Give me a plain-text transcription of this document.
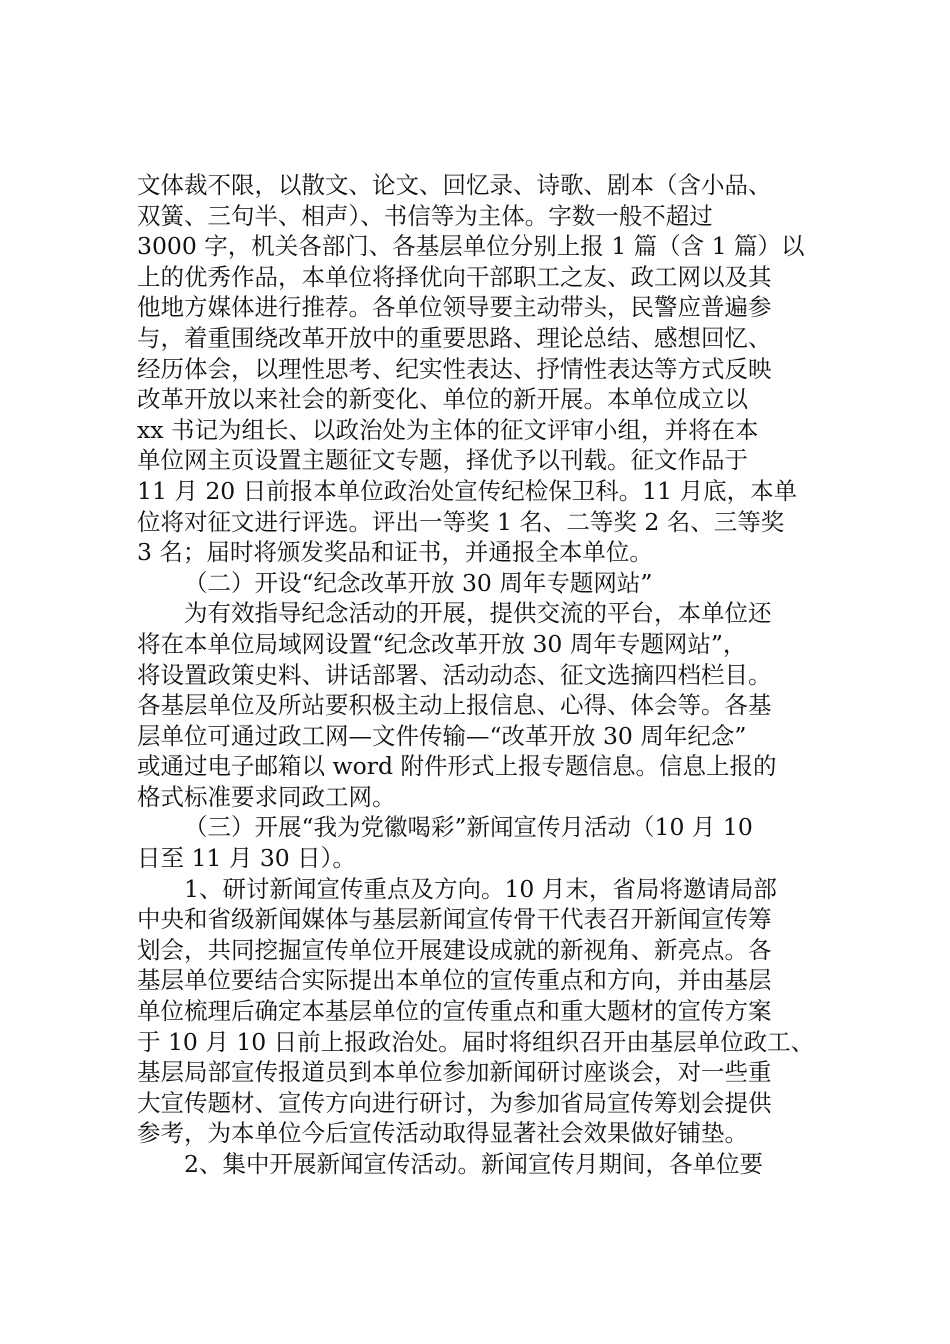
文体裁不限，以散文、论文、回忆录、诗歌、剧本（含小品、
双簧、三句半、相声）、书信等为主体。字数一般不超过
3000 字，机关各部门、各基层单位分别上报 1 篇（含 1 篇）以
上的优秀作品，本单位将择优向干部职工之友、政工网以及其
他地方媒体进行推荐。各单位领导要主动带头，民警应普遍参
与，着重围绕改革开放中的重要思路、理论总结、感想回忆、
经历体会，以理性思考、纪实性表达、抒情性表达等方式反映
改革开放以来社会的新变化、单位的新开展。本单位成立以
xx 书记为组长、以政治处为主体的征文评审小组，并将在本
单位网主页设置主题征文专题，择优予以刊载。征文作品于
11 月 20 日前报本单位政治处宣传纪检保卫科。11 月底，本单
位将对征文进行评选。评出一等奖 1 名、二等奖 2 名、三等奖
3 名；届时将颁发奖品和证书，并通报全本单位。
（二）开设“纪念改革开放 30 周年专题网站”
为有效指导纪念活动的开展，提供交流的平台，本单位还
将在本单位局域网设置“纪念改革开放 30 周年专题网站”，
将设置政策史料、讲话部署、活动动态、征文选摘四档栏目。
各基层单位及所站要积极主动上报信息、心得、体会等。各基
层单位可通过政工网—文件传输—“改革开放 30 周年纪念”
或通过电子邮箱以 word 附件形式上报专题信息。信息上报的
格式标准要求同政工网。
（三）开展“我为党徽喝彩”新闻宣传月活动（10 月 10
日至 11 月 30 日）。
1、研讨新闻宣传重点及方向。10 月末，省局将邀请局部
中央和省级新闻媒体与基层新闻宣传骨干代表召开新闻宣传筹
划会，共同挖掘宣传单位开展建设成就的新视角、新亮点。各
基层单位要结合实际提出本单位的宣传重点和方向，并由基层
单位梳理后确定本基层单位的宣传重点和重大题材的宣传方案
于 10 月 10 日前上报政治处。届时将组织召开由基层单位政工、
基层局部宣传报道员到本单位参加新闻研讨座谈会，对一些重
大宣传题材、宣传方向进行研讨，为参加省局宣传筹划会提供
参考，为本单位今后宣传活动取得显著社会效果做好铺垫。
2、集中开展新闻宣传活动。新闻宣传月期间，各单位要
